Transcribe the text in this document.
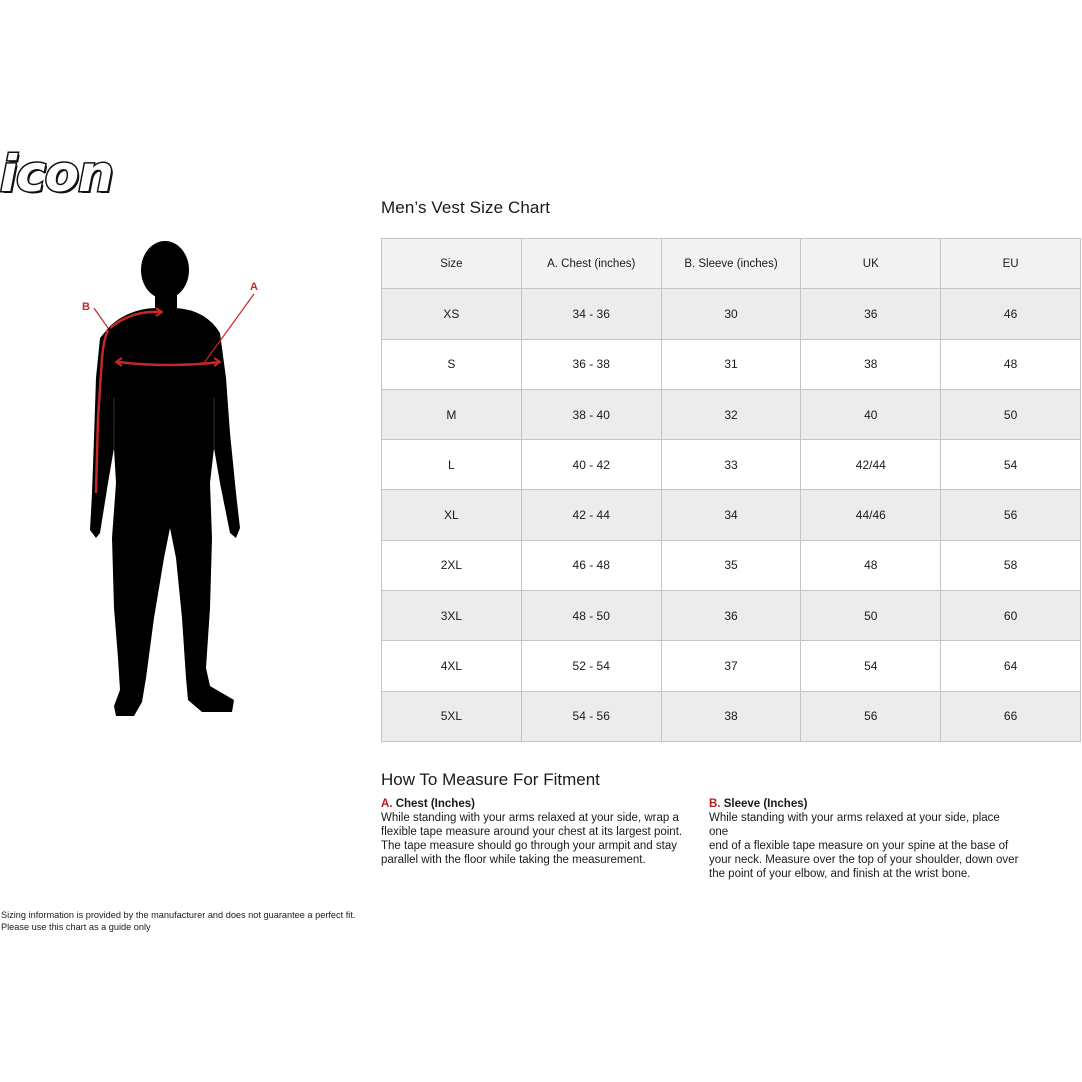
icon
A
B
Men’s Vest Size Chart
Size	A. Chest (inches)	B. Sleeve (inches)	UK	EU
XS	34 - 36	30	36	46
S	36 - 38	31	38	48
M	38 - 40	32	40	50
L	40 - 42	33	42/44	54
XL	42 - 44	34	44/46	56
2XL	46 - 48	35	48	58
3XL	48 - 50	36	50	60
4XL	52 - 54	37	54	64
5XL	54 - 56	38	56	66
How To Measure For Fitment
A. Chest (Inches)
While standing with your arms relaxed at your side, wrap a
flexible tape measure around your chest at its largest point.
The tape measure should go through your armpit and stay
parallel with the floor while taking the measurement.
B. Sleeve (Inches)
While standing with your arms relaxed at your side, place one
end of a flexible tape measure on your spine at the base of
your neck. Measure over the top of your shoulder, down over
the point of your elbow, and finish at the wrist bone.
Sizing information is provided by the manufacturer and does not guarantee a perfect fit.
Please use this chart as a guide only
